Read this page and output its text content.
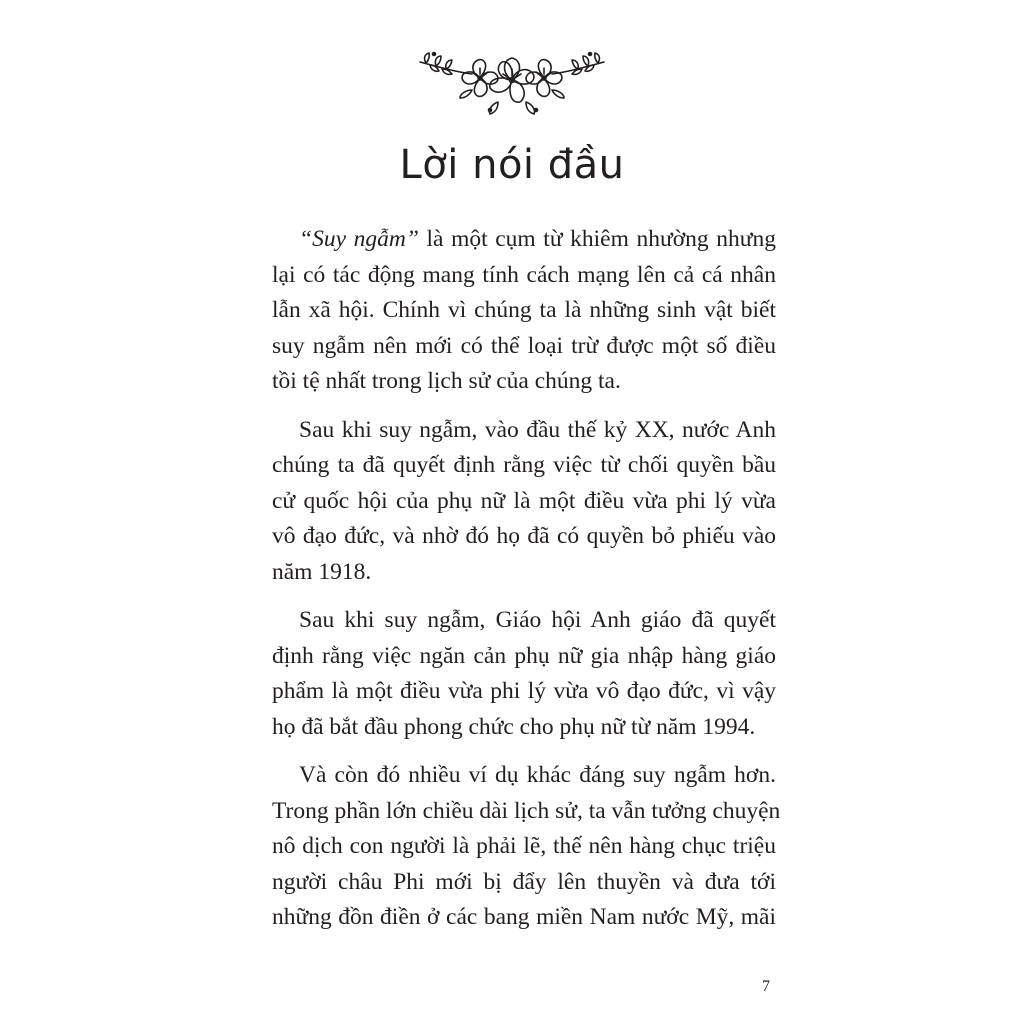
Lời nói đầu

“Suy ngẫm” là một cụm từ khiêm nhường nhưng
lại có tác động mang tính cách mạng lên cả cá nhân
lẫn xã hội. Chính vì chúng ta là những sinh vật biết
suy ngẫm nên mới có thể loại trừ được một số điều
tồi tệ nhất trong lịch sử của chúng ta.

Sau khi suy ngẫm, vào đầu thế kỷ XX, nước Anh
chúng ta đã quyết định rằng việc từ chối quyền bầu
cử quốc hội của phụ nữ là một điều vừa phi lý vừa
vô đạo đức, và nhờ đó họ đã có quyền bỏ phiếu vào
năm 1918.

Sau khi suy ngẫm, Giáo hội Anh giáo đã quyết
định rằng việc ngăn cản phụ nữ gia nhập hàng giáo
phẩm là một điều vừa phi lý vừa vô đạo đức, vì vậy
họ đã bắt đầu phong chức cho phụ nữ từ năm 1994.

Và còn đó nhiều ví dụ khác đáng suy ngẫm hơn.
Trong phần lớn chiều dài lịch sử, ta vẫn tưởng chuyện
nô dịch con người là phải lẽ, thế nên hàng chục triệu
người châu Phi mới bị đẩy lên thuyền và đưa tới
những đồn điền ở các bang miền Nam nước Mỹ, mãi

7
